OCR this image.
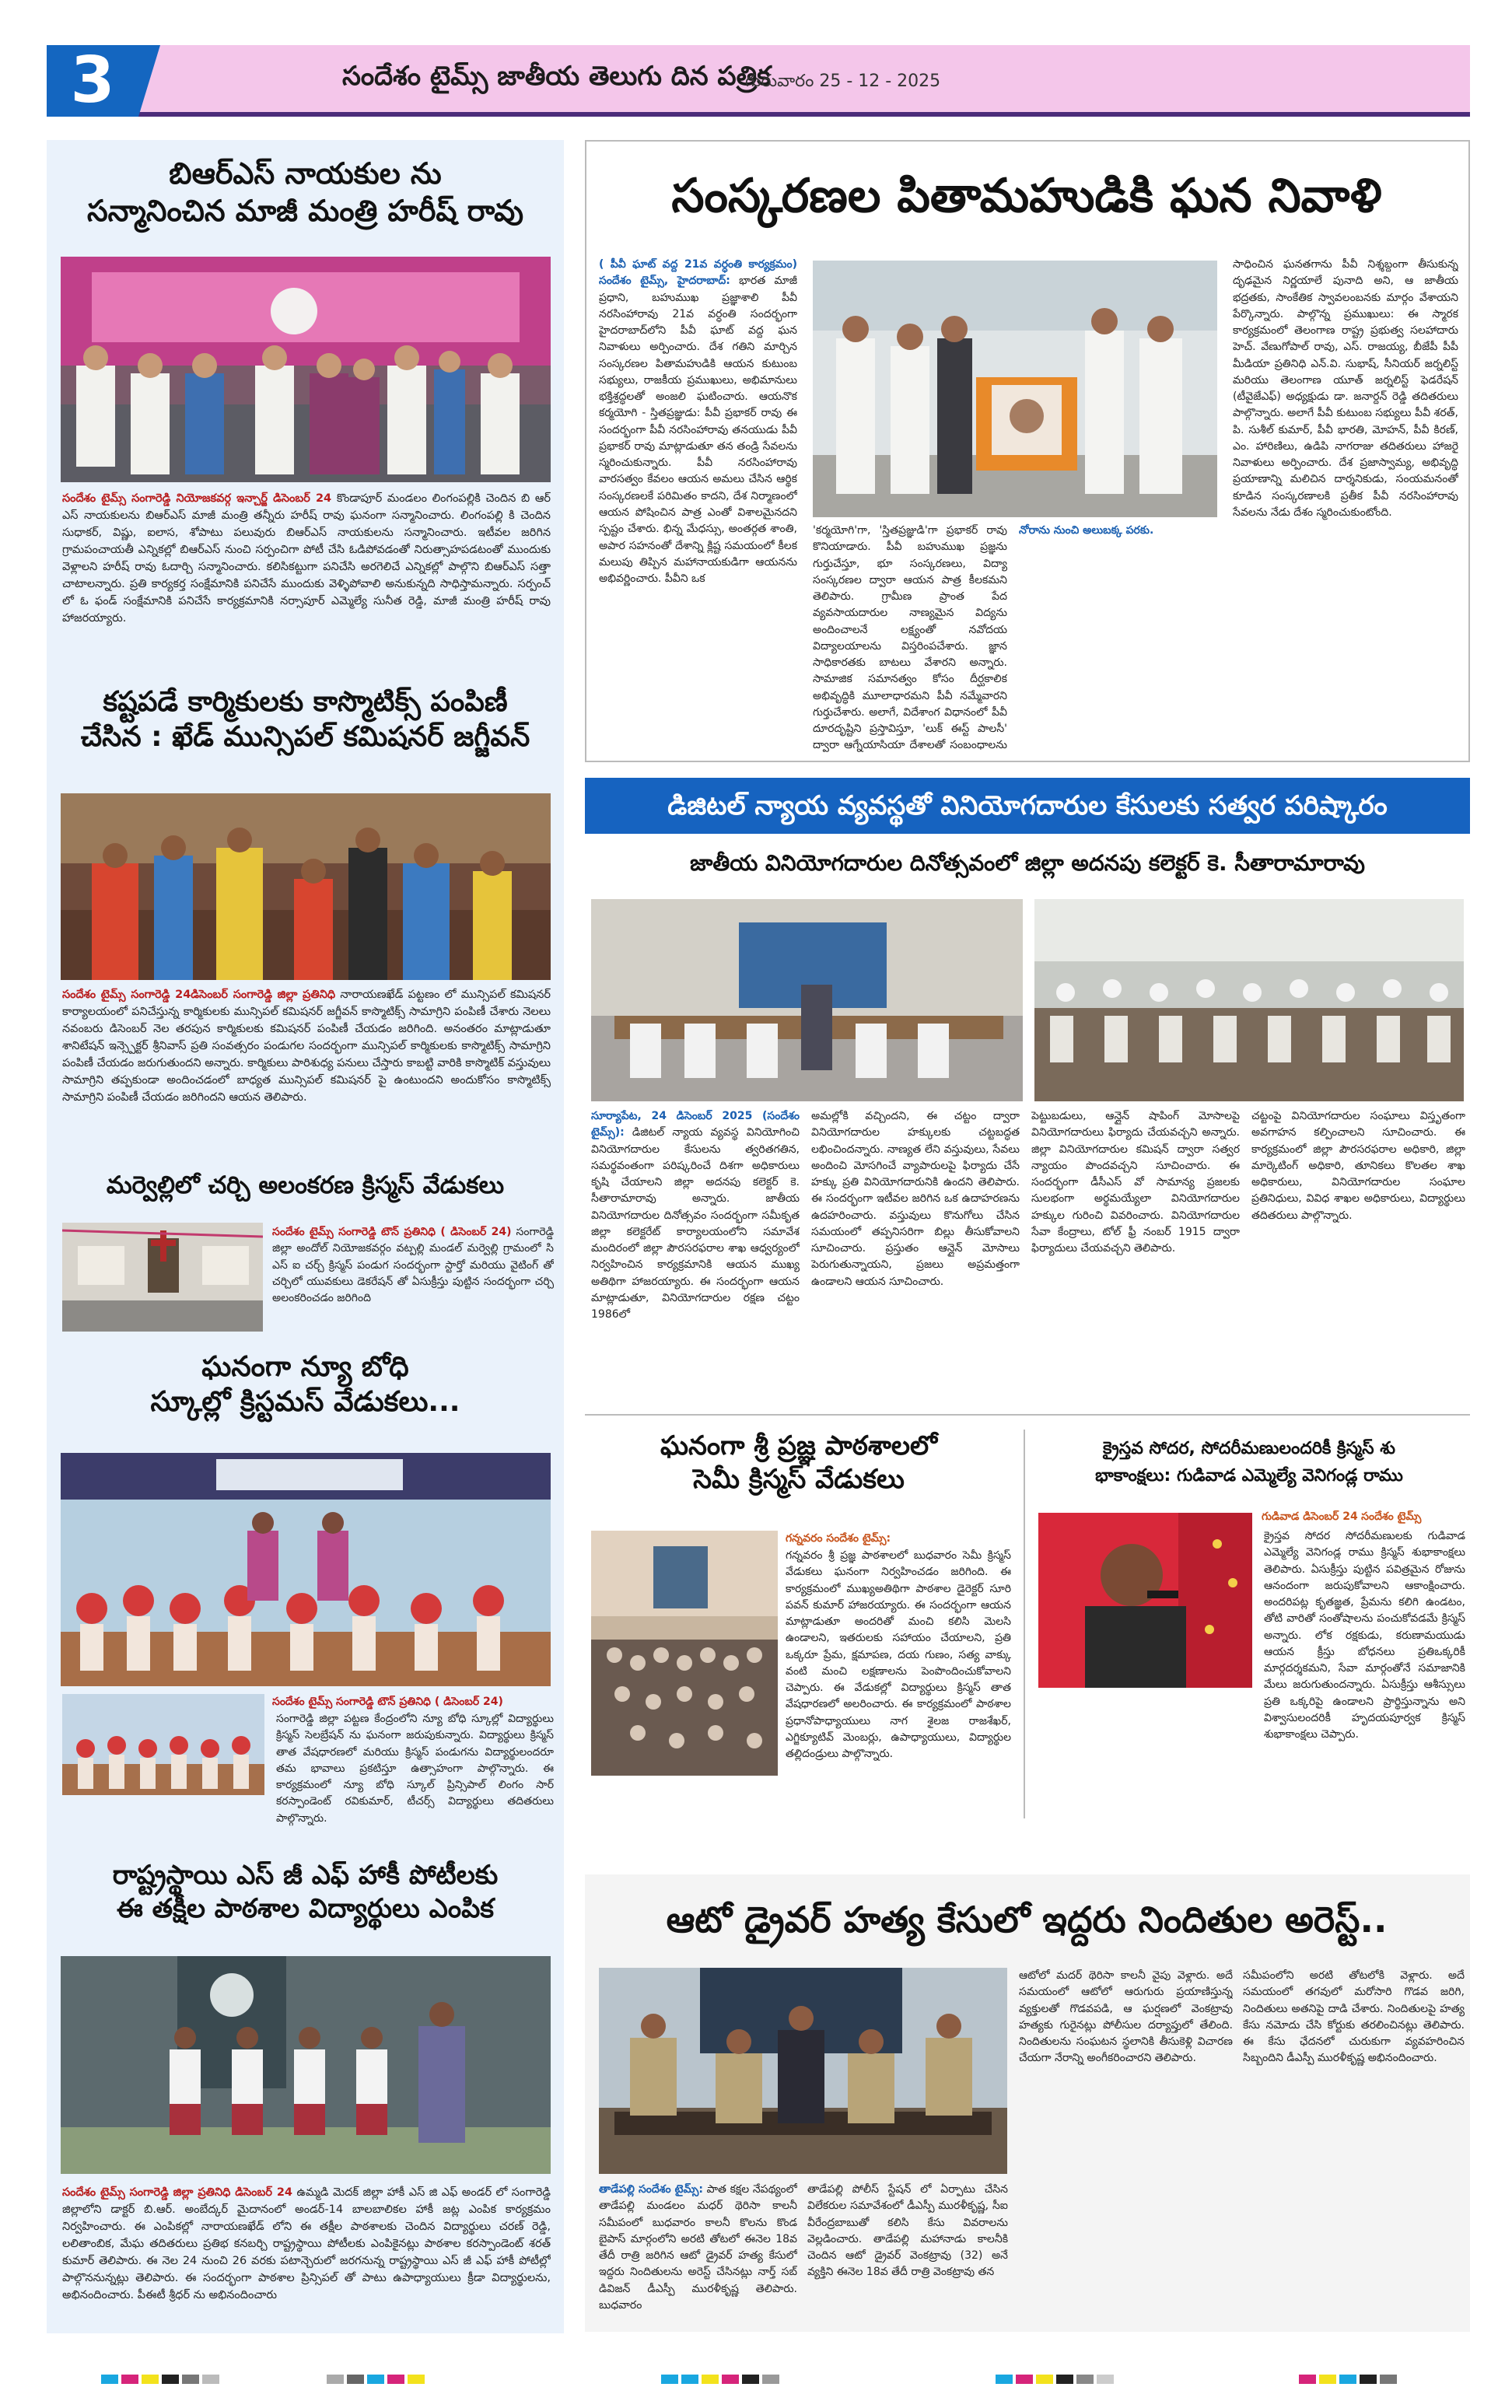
3	సందేశం టైమ్స్ జాతీయ తెలుగు దిన పత్రిక
గురువారం 25 - 12 - 2025
బిఆర్ఎస్ నాయకుల ను
సన్మానించిన మాజీ మంత్రి హరీష్ రావు
సందేశం టైమ్స్ సంగారెడ్డి నియోజకవర్గ ఇన్చార్జ్ డిసెంబర్ 24 కొండాపూర్ మండలం లింగంపల్లికి చెందిన బి ఆర్ ఎస్ నాయకులను బిఆర్ఎస్ మాజీ మంత్రి తన్నీరు హరీష్ రావు ఘనంగా సన్మానించారు. లింగంపల్లి కి చెందిన సుధాకర్, విష్ణు, ఐలాస, శోపాటు పలువురు బిఆర్ఎస్ నాయకులను సన్మానించారు. ఇటీవల జరిగిన గ్రామపంచాయతీ ఎన్నికల్లో బిఆర్ఎస్ నుంచి సర్పంచిగా పోటీ చేసి ఓడిపోవడంతో నిరుత్సాహపడటంతో ముందుకు వెళ్లాలని హరీష్ రావు ఓదార్చి సన్మానించారు. కలిసికట్టుగా పనిచేసి అరగెలిచే ఎన్నికల్లో పాల్గొని బిఆర్ఎస్ సత్తా చాటాలన్నారు. ప్రతి కార్యకర్త సంక్షేమానికి పనిచేసే ముందుకు వెళ్ళిపోవాలి అనుకున్నది సాధిస్తామన్నారు. సర్పంచ్ లో ఓ ఫండ్ సంక్షేమానికి పనిచేసే కార్యక్రమానికి నర్సాపూర్ ఎమ్మెల్యే సునీత రెడ్డి, మాజీ మంత్రి హరీష్ రావు హాజరయ్యారు.
కష్టపడే కార్మికులకు కాస్మొటిక్స్ పంపిణీ
చేసిన : ఖేడ్ మున్సిపల్ కమిషనర్ జగ్జీవన్
సందేశం టైమ్స్ సంగారెడ్డి 24డిసెంబర్ సంగారెడ్డి జిల్లా ప్రతినిధి నారాయణఖేడ్ పట్టణం లో మున్సిపల్ కమిషనర్ కార్యాలయంలో పనిచేస్తున్న కార్మికులకు మున్సిపల్ కమిషనర్ జగ్జీవన్ కాస్మొటిక్స్ సామాగ్రిని పంపిణీ చేశారు నెలలు నవంబరు డిసెంబర్ నెల తరపున కార్మికులకు కమిషనర్ పంపిణీ చేయడం జరిగింది. అనంతరం మాట్లాడుతూ శానిటేషన్ ఇన్స్పెక్టర్ శ్రీనివాస్ ప్రతి సంవత్సరం పండుగల సందర్భంగా మున్సిపల్ కార్మికులకు కాస్మొటిక్స్ సామాగ్రిని పంపిణీ చేయడం జరుగుతుందని అన్నారు. కార్మికులు పారిశుధ్య పనులు చేస్తారు కాబట్టి వారికి కాస్మొటిక్ వస్తువులు సామాగ్రిని తప్పకుండా అందించడంలో బాధ్యత మున్సిపల్ కమిషనర్ పై ఉంటుందని అందుకోసం కాస్మొటిక్స్ సామాగ్రిని పంపిణీ చేయడం జరిగిందని ఆయన తెలిపారు.
మర్వెల్లిలో చర్చి అలంకరణ క్రిస్మస్ వేడుకలు
సందేశం టైమ్స్ సంగారెడ్డి టౌన్ ప్రతినిధి ( డిసెంబర్ 24) సంగారెడ్డి జిల్లా అందోల్ నియోజకవర్గం వట్పల్లి మండల్ మర్వెల్లి గ్రామంలో సి ఎస్ ఐ చర్చ్ క్రిస్మస్ పండుగ సందర్భంగా స్టార్తో మరియు వైటింగ్ తో చర్చిలో యువకులు డెకరేషన్ తో ఏసుక్రీస్తు పుట్టిన సందర్భంగా చర్చి అలంకరించడం జరిగింది
ఘనంగా న్యూ బోధి
స్కూల్లో క్రిస్టమస్ వేడుకలు...
సందేశం టైమ్స్ సంగారెడ్డి టౌన్ ప్రతినిధి ( డిసెంబర్ 24)
సంగారెడ్డి జిల్లా పట్టణ కేంద్రంలోని న్యూ బోధి స్కూల్లో విద్యార్థులు క్రిస్మస్ సెలబ్రేషన్ ను ఘనంగా జరుపుకున్నారు. విద్యార్థులు క్రిస్మస్ తాత వేషధారణలో మరియు క్రిస్మస్ పండుగను విద్యార్థులందరూ తమ భావాలు ప్రకటిస్తూ ఉత్సాహంగా పాల్గొన్నారు. ఈ కార్యక్రమంలో న్యూ బోధి స్కూల్ ప్రిన్సిపాల్ లింగం సార్ కరస్పాండెంట్ రవికుమార్, టీచర్స్ విద్యార్థులు తదితరులు పాల్గొన్నారు.
రాష్ట్రస్థాయి ఎస్ జీ ఎఫ్ హాకీ పోటీలకు
ఈ తక్షీల పాఠశాల విద్యార్థులు ఎంపిక
సందేశం టైమ్స్ సంగారెడ్డి జిల్లా ప్రతినిధి డిసెంబర్ 24 ఉమ్మడి మెదక్ జిల్లా హాకీ ఎస్ జి ఎఫ్ అండర్ లో సంగారెడ్డి జిల్లాలోని డాక్టర్ బి.ఆర్. అంబేద్కర్ మైదానంలో అండర్-14 బాలబాలికల హాకీ జట్ల ఎంపిక కార్యక్రమం నిర్వహించారు. ఈ ఎంపికల్లో నారాయణఖేడ్ లోని ఈ తక్షీల పాఠశాలకు చెందిన విద్యార్థులు చరణ్ రెడ్డి, లలితాంబిక, మేఘ తదితరులు ప్రతిభ కనబర్చి రాష్ట్రస్థాయి పోటీలకు ఎంపికైనట్లు పాఠశాల కరస్పాండెంట్ శరత్ కుమార్ తెలిపారు. ఈ నెల 24 నుంచి 26 వరకు పటాన్చెరులో జరగనున్న రాష్ట్రస్థాయి ఎస్ జీ ఎఫ్ హాకీ పోటీల్లో పాల్గొననున్నట్లు తెలిపారు. ఈ సందర్భంగా పాఠశాల ప్రిన్సిపల్ తో పాటు ఉపాధ్యాయులు క్రీడా విద్యార్థులను, అభినందించారు. పీఈటీ శ్రీధర్ ను అభినందించారు
సంస్కరణల పితామహుడికి ఘన నివాళి
( పీవీ ఘాట్ వద్ద 21వ వర్ధంతి కార్యక్రమం) సందేశం టైమ్స్, హైదరాబాద్: భారత మాజీ ప్రధాని, బహుముఖ ప్రజ్ఞాశాలి పీవీ నరసింహారావు 21వ వర్ధంతి సందర్భంగా హైదరాబాద్‌లోని పీవీ ఘాట్ వద్ద ఘన నివాళులు అర్పించారు. దేశ గతిని మార్చిన సంస్కరణల పితామహుడికి ఆయన కుటుంబ సభ్యులు, రాజకీయ ప్రముఖులు, అభిమానులు భక్తిశ్రద్ధలతో అంజలి ఘటించారు. ఆయనొక కర్మయోగి - స్తితప్రజ్ఞుడు: పీవీ ప్రభాకర్ రావు ఈ సందర్భంగా పీవీ నరసింహారావు తనయుడు పీవీ ప్రభాకర్ రావు మాట్లాడుతూ తన తండ్రి సేవలను స్మరించుకున్నారు. పీవీ నరసింహారావు వారసత్వం కేవలం ఆయన అమలు చేసిన ఆర్థిక సంస్కరణలకే పరిమితం కాదని, దేశ నిర్మాణంలో ఆయన పోషించిన పాత్ర ఎంతో విశాలమైనదని స్పష్టం చేశారు. భిన్న మేధస్సు, అంతర్గత శాంతి, అపార సహనంతో దేశాన్ని క్లిష్ట సమయంలో కీలక మలుపు తిప్పిన మహానాయకుడిగా ఆయనను అభివర్ణించారు. పీవీని ఒక
'కర్మయోగి'గా, 'స్తితప్రజ్ఞుడి'గా ప్రభాకర్ రావు కొనియాడారు. పీవీ బహుముఖ ప్రజ్ఞను గుర్తుచేస్తూ, భూ సంస్కరణలు, విద్యా సంస్కరణల ద్వారా ఆయన పాత్ర కీలకమని తెలిపారు. గ్రామీణ ప్రాంత పేద వ్యవసాయదారుల నాణ్యమైన విద్యను అందించాలనే లక్ష్యంతో నవోదయ విద్యాలయాలను విస్తరింపచేశారు. జ్ఞాన సాధికారతకు బాటలు వేశారని అన్నారు. సామాజిక సమానత్వం కోసం దీర్ఘకాలిక అభివృద్ధికి మూలాధారమని పీవీ నమ్మేవారని గుర్తుచేశారు. అలాగే, విదేశాంగ విధానంలో పీవీ దూరదృష్టిని ప్రస్తావిస్తూ, 'లుక్ ఈస్ట్ పాలసీ' ద్వారా ఆగ్నేయాసియా దేశాలతో సంబంధాలను
నోరాను నుంచి అలుబక్క పరకు.
సాధించిన ఘనతగాను పీవీ నిశ్శబ్దంగా తీసుకున్న దృఢమైన నిర్ణయాలే పునాది అని, ఆ జాతీయ భద్రతకు, సాంకేతిక స్వావలంబనకు మార్గం వేశాయని పేర్కొన్నారు. పాల్గొన్న ప్రముఖులు: ఈ స్మారక కార్యక్రమంలో తెలంగాణ రాష్ట్ర ప్రభుత్వ సలహాదారు హెచ్. వేణుగోపాల్ రావు, ఎస్. రాజయ్య, బీజేపీ పీపీ మీడియా ప్రతినిధి ఎన్.వి. సుభాష్, సీనియర్ జర్నలిస్ట్ మరియు తెలంగాణ యూత్ జర్నలిస్ట్ ఫెడరేషన్ (టీవైజేఎఫ్) అధ్యక్షుడు డా. జనార్దన్ రెడ్డి తదితరులు పాల్గొన్నారు. అలాగే పీవీ కుటుంబ సభ్యులు పీవీ శరత్, పి. సుశీల్ కుమార్, పీవీ భారతి, మోహన్, పీవీ కిరణ్, ఎం. హారిణిలు, ఉడిపి నాగరాజు తదితరులు హాజరై నివాళులు అర్పించారు. దేశ ప్రజాస్వామ్య, అభివృద్ధి ప్రయాణాన్ని మలిచిన దార్శనికుడు, సంయమనంతో కూడిన సంస్కరణాలకి ప్రతీక పీవీ నరసింహారావు సేవలను నేడు దేశం స్మరించుకుంటోంది.
డిజిటల్ న్యాయ వ్యవస్థతో వినియోగదారుల కేసులకు సత్వర పరిష్కారం
జాతీయ వినియోగదారుల దినోత్సవంలో జిల్లా అదనపు కలెక్టర్ కె. సీతారామారావు
సూర్యాపేట, 24 డిసెంబర్ 2025 (సందేశం టైమ్స్): డిజిటల్ న్యాయ వ్యవస్థ వినియోగించి వినియోగదారుల కేసులను త్వరితగతిన, సమర్థవంతంగా పరిష్కరించే దిశగా అధికారులు కృషి చేయాలని జిల్లా అదనపు కలెక్టర్ కె. సీతారామారావు అన్నారు. జాతీయ వినియోగదారుల దినోత్సవం సందర్భంగా సమీకృత జిల్లా కలెక్టరేట్ కార్యాలయంలోని సమావేశ మందిరంలో జిల్లా పౌరసరఫరాల శాఖ ఆధ్వర్యంలో నిర్వహించిన కార్యక్రమానికి ఆయన ముఖ్య అతిథిగా హాజరయ్యారు. ఈ సందర్భంగా ఆయన మాట్లాడుతూ, వినియోగదారుల రక్షణ చట్టం 1986లో
అమల్లోకి వచ్చిందని, ఈ చట్టం ద్వారా వినియోగదారుల హక్కులకు చట్టబద్ధత లభించిందన్నారు. నాణ్యత లేని వస్తువులు, సేవలు అందించి మోసగించే వ్యాపారులపై ఫిర్యాదు చేసే హక్కు ప్రతి వినియోగదారునికి ఉందని తెలిపారు. ఈ సందర్భంగా ఇటీవల జరిగిన ఒక ఉదాహరణను ఉదహరించారు. వస్తువులు కొనుగోలు చేసిన సమయంలో తప్పనిసరిగా బిల్లు తీసుకోవాలని సూచించారు. ప్రస్తుతం ఆన్లైన్ మోసాలు పెరుగుతున్నాయని, ప్రజలు అప్రమత్తంగా ఉండాలని ఆయన సూచించారు.
పెట్టుబడులు, ఆన్లైన్ షాపింగ్ మోసాలపై వినియోగదారులు ఫిర్యాదు చేయవచ్చని అన్నారు. జిల్లా వినియోగదారుల కమిషన్ ద్వారా సత్వర న్యాయం పొందవచ్చని సూచించారు. ఈ సందర్భంగా డీసీఎస్ వో సామాన్య ప్రజలకు సులభంగా అర్థమయ్యేలా వినియోగదారుల హక్కుల గురించి వివరించారు. వినియోగదారుల సేవా కేంద్రాలు, టోల్ ఫ్రీ నంబర్ 1915 ద్వారా ఫిర్యాదులు చేయవచ్చని తెలిపారు.
చట్టంపై వినియోగదారుల సంఘాలు విస్తృతంగా అవగాహన కల్పించాలని సూచించారు. ఈ కార్యక్రమంలో జిల్లా పౌరసరఫరాల అధికారి, జిల్లా మార్కెటింగ్ అధికారి, తూనికలు కొలతల శాఖ అధికారులు, వినియోగదారుల సంఘాల ప్రతినిధులు, వివిధ శాఖల అధికారులు, విద్యార్థులు తదితరులు పాల్గొన్నారు.
ఘనంగా శ్రీ ప్రజ్ఞ పాఠశాలలో
సెమీ క్రిస్మస్ వేడుకలు
గన్నవరం సందేశం టైమ్స్:
గన్నవరం శ్రీ ప్రజ్ఞ పాఠశాలలో బుధవారం సెమీ క్రిస్మస్ వేడుకలు ఘనంగా నిర్వహించడం జరిగింది. ఈ కార్యక్రమంలో ముఖ్యఅతిథిగా పాఠశాల డైరెక్టర్ సూరి పవన్ కుమార్ హాజరయ్యారు. ఈ సందర్భంగా ఆయన మాట్లాడుతూ అందరితో మంచి కలిసి మెలసి ఉండాలని, ఇతరులకు సహాయం చేయాలని, ప్రతి ఒక్కరూ ప్రేమ, క్షమాపణ, దయ గుణం, సత్య వాక్కు వంటి మంచి లక్షణాలను పెంపొందించుకోవాలని చెప్పారు. ఈ వేడుకల్లో విద్యార్థులు క్రిస్మస్ తాత వేషధారణలో అలరించారు. ఈ కార్యక్రమంలో పాఠశాల ప్రధానోపాధ్యాయులు నాగ శైలజ రాజశేఖర్, ఎగ్జిక్యూటివ్ మెంబర్లు, ఉపాధ్యాయులు, విద్యార్థుల తల్లిదండ్రులు పాల్గొన్నారు.
క్రైస్తవ సోదర, సోదరీమణులందరికీ క్రిస్మస్ శు
భాకాంక్షలు: గుడివాడ ఎమ్మెల్యే వెనిగండ్ల రాము
గుడివాడ డిసెంబర్ 24 సందేశం టైమ్స్
క్రైస్తవ సోదర సోదరీమణులకు గుడివాడ ఎమ్మెల్యే వెనిగండ్ల రాము క్రిస్మస్ శుభాకాంక్షలు తెలిపారు. ఏసుక్రీస్తు పుట్టిన పవిత్రమైన రోజును ఆనందంగా జరుపుకోవాలని ఆకాంక్షించారు. అందరిపట్ల కృతజ్ఞత, ప్రేమను కలిగి ఉండటం, తోటి వారితో సంతోషాలను పంచుకోవడమే క్రిస్మస్ అన్నారు. లోక రక్షకుడు, కరుణామయుడు ఆయన క్రీస్తు బోధనలు ప్రతిఒక్కరికీ మార్గదర్శకమని, సేవా మార్గంతోనే సమాజానికి మేలు జరుగుతుందన్నారు. ఏసుక్రీస్తు ఆశీస్సులు ప్రతి ఒక్కరిపై ఉండాలని ప్రార్థిస్తున్నాను అని విశ్వాసులందరికీ హృదయపూర్వక క్రిస్మస్ శుభాకాంక్షలు చెప్పారు.
ఆటో డ్రైవర్ హత్య కేసులో ఇద్దరు నిందితుల అరెస్ట్..
తాడేపల్లి సందేశం టైమ్స్: పాత కక్షల నేపథ్యంలో తాడేపల్లి మండలం మధర్ థెరిసా కాలనీ సమీపంలో బుధవారం కాలనీ కొలను కొండ బైపాస్ మార్గంలోని అరటి తోటలో ఈనెల 18వ తేదీ రాత్రి జరిగిన ఆటో డ్రైవర్ హత్య కేసులో ఇద్దరు నిందితులను అరెస్ట్ చేసినట్లు నార్త్ సబ్ డివిజన్ డీఎస్పీ మురళీకృష్ణ తెలిపారు. బుధవారం
తాడేపల్లి పోలీస్ స్టేషన్ లో ఏర్పాటు చేసిన విలేకరుల సమావేశంలో డీఎస్పీ మురళీకృష్ణ, సీఐ వీరేంద్రబాబుతో కలిసి కేసు వివరాలను వెల్లడించారు. తాడేపల్లి మహానాడు కాలనీకి చెందిన ఆటో డ్రైవర్ వెంకట్రావు (32) అనే వ్యక్తిని ఈనెల 18వ తేదీ రాత్రి వెంకట్రావు తన
ఆటోలో మదర్ థెరిసా కాలనీ వైపు వెళ్లారు. అదే సమయంలో ఆటోలో ఆరుగురు ప్రయాణిస్తున్న వ్యక్తులతో గొడవపడి, ఆ ఘర్షణలో వెంకట్రావు హత్యకు గురైనట్లు పోలీసుల దర్యాప్తులో తేలింది. నిందితులను సంఘటన స్థలానికి తీసుకెళ్లి విచారణ చేయగా నేరాన్ని అంగీకరించారని తెలిపారు.
సమీపంలోని అరటి తోటలోకి వెళ్లారు. అదే సమయంలో తగవులో మరోసారి గొడవ జరిగి, నిందితులు అతనిపై దాడి చేశారు. నిందితులపై హత్య కేసు నమోదు చేసి కోర్టుకు తరలించినట్లు తెలిపారు. ఈ కేసు ఛేదనలో చురుకుగా వ్యవహరించిన సిబ్బందిని డీఎస్పీ మురళీకృష్ణ అభినందించారు.
